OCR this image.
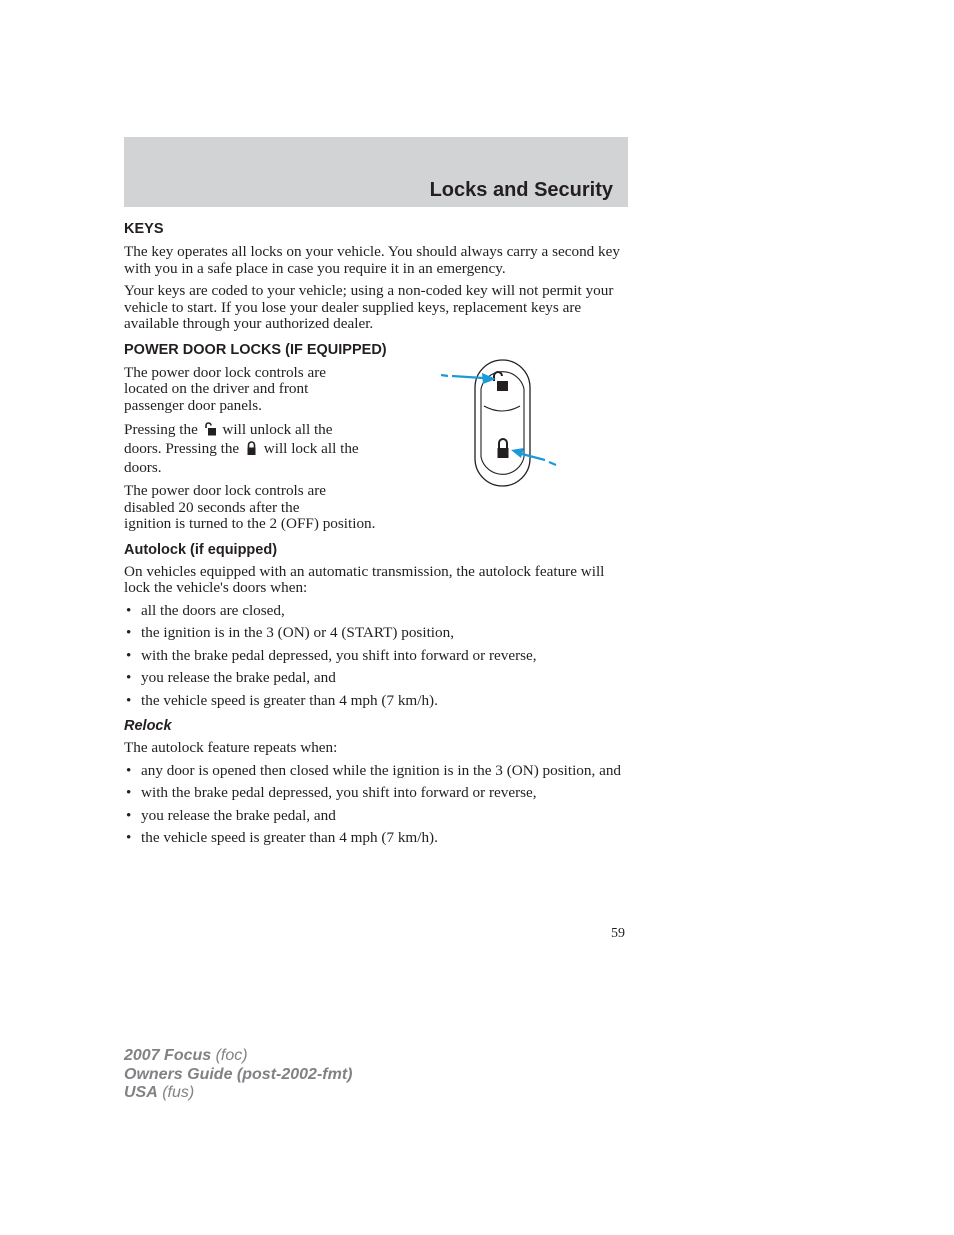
Locks and Security
KEYS

The key operates all locks on your vehicle. You should always carry a second key with you in a safe place in case you require it in an emergency.

Your keys are coded to your vehicle; using a non-coded key will not permit your vehicle to start. If you lose your dealer supplied keys, replacement keys are available through your authorized dealer.

POWER DOOR LOCKS (IF EQUIPPED)

The power door lock controls are located on the driver and front passenger door panels.

Pressing the will unlock all the doors. Pressing the will lock all the doors.

The power door lock controls are disabled 20 seconds after the
ignition is turned to the 2 (OFF) position.

Autolock (if equipped)

On vehicles equipped with an automatic transmission, the autolock feature will lock the vehicle's doors when:

• all the doors are closed,
• the ignition is in the 3 (ON) or 4 (START) position,
• with the brake pedal depressed, you shift into forward or reverse,
• you release the brake pedal, and
• the vehicle speed is greater than 4 mph (7 km/h).
Relock

The autolock feature repeats when:

• any door is opened then closed while the ignition is in the 3 (ON) position, and
• with the brake pedal depressed, you shift into forward or reverse,
• you release the brake pedal, and
• the vehicle speed is greater than 4 mph (7 km/h).
59
2007 Focus (foc)
Owners Guide (post-2002-fmt)
USA (fus)
